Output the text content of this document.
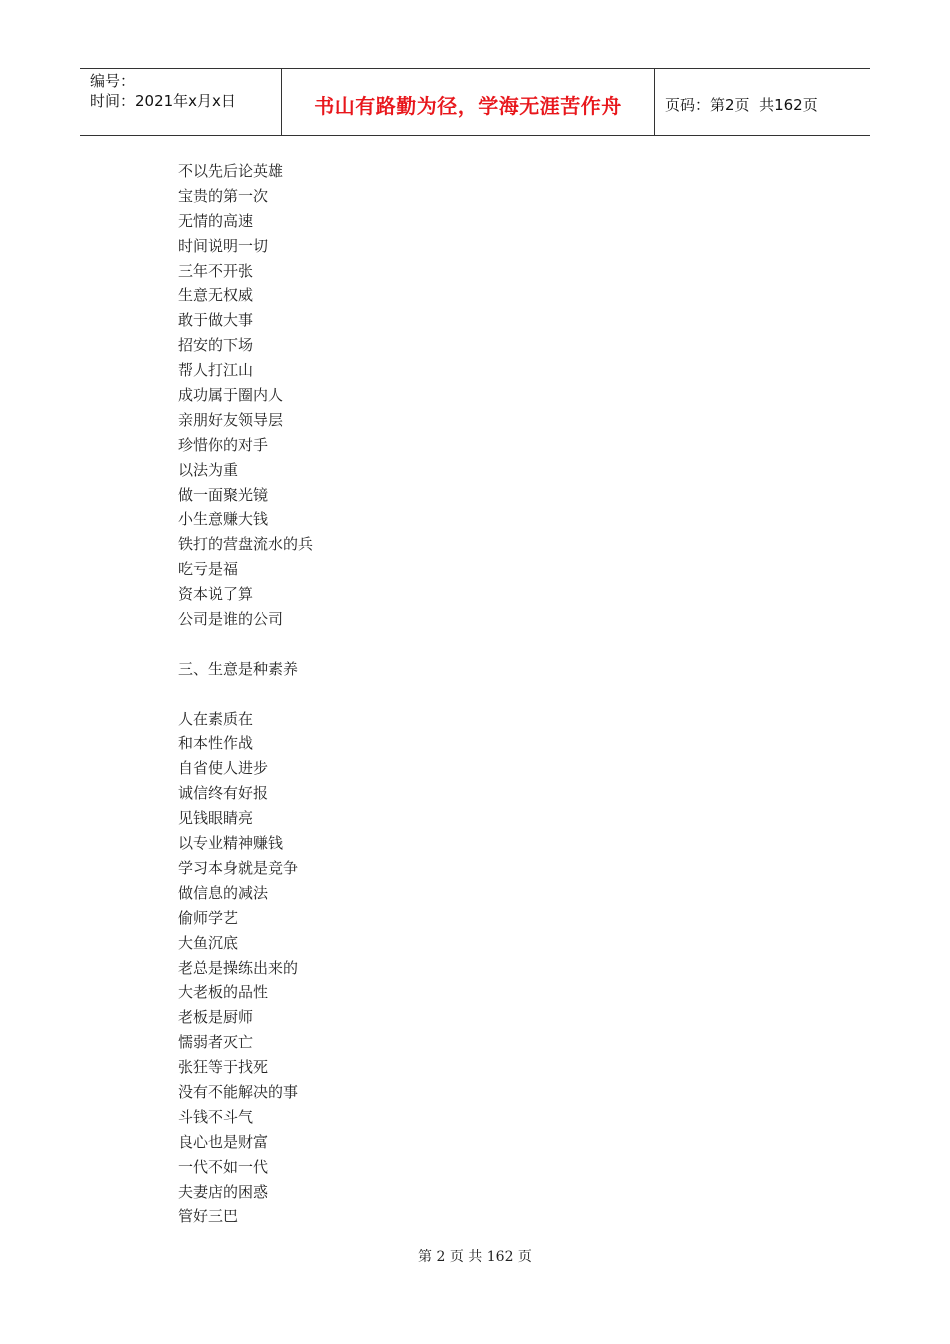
编号：
时间：2021年x月x日	书山有路勤为径，学海无涯苦作舟	页码：第2页  共162页
不以先后论英雄
宝贵的第一次
无情的高速
时间说明一切
三年不开张
生意无权威
敢于做大事
招安的下场
帮人打江山
成功属于圈内人
亲朋好友领导层
珍惜你的对手
以法为重
做一面聚光镜
小生意赚大钱
铁打的营盘流水的兵
吃亏是福
资本说了算
公司是谁的公司
三、生意是种素养
人在素质在
和本性作战
自省使人进步
诚信终有好报
见钱眼睛亮
以专业精神赚钱
学习本身就是竞争
做信息的减法
偷师学艺
大鱼沉底
老总是操练出来的
大老板的品性
老板是厨师
懦弱者灭亡
张狂等于找死
没有不能解决的事
斗钱不斗气
良心也是财富
一代不如一代
夫妻店的困惑
管好三巴
第 2 页 共 162 页
